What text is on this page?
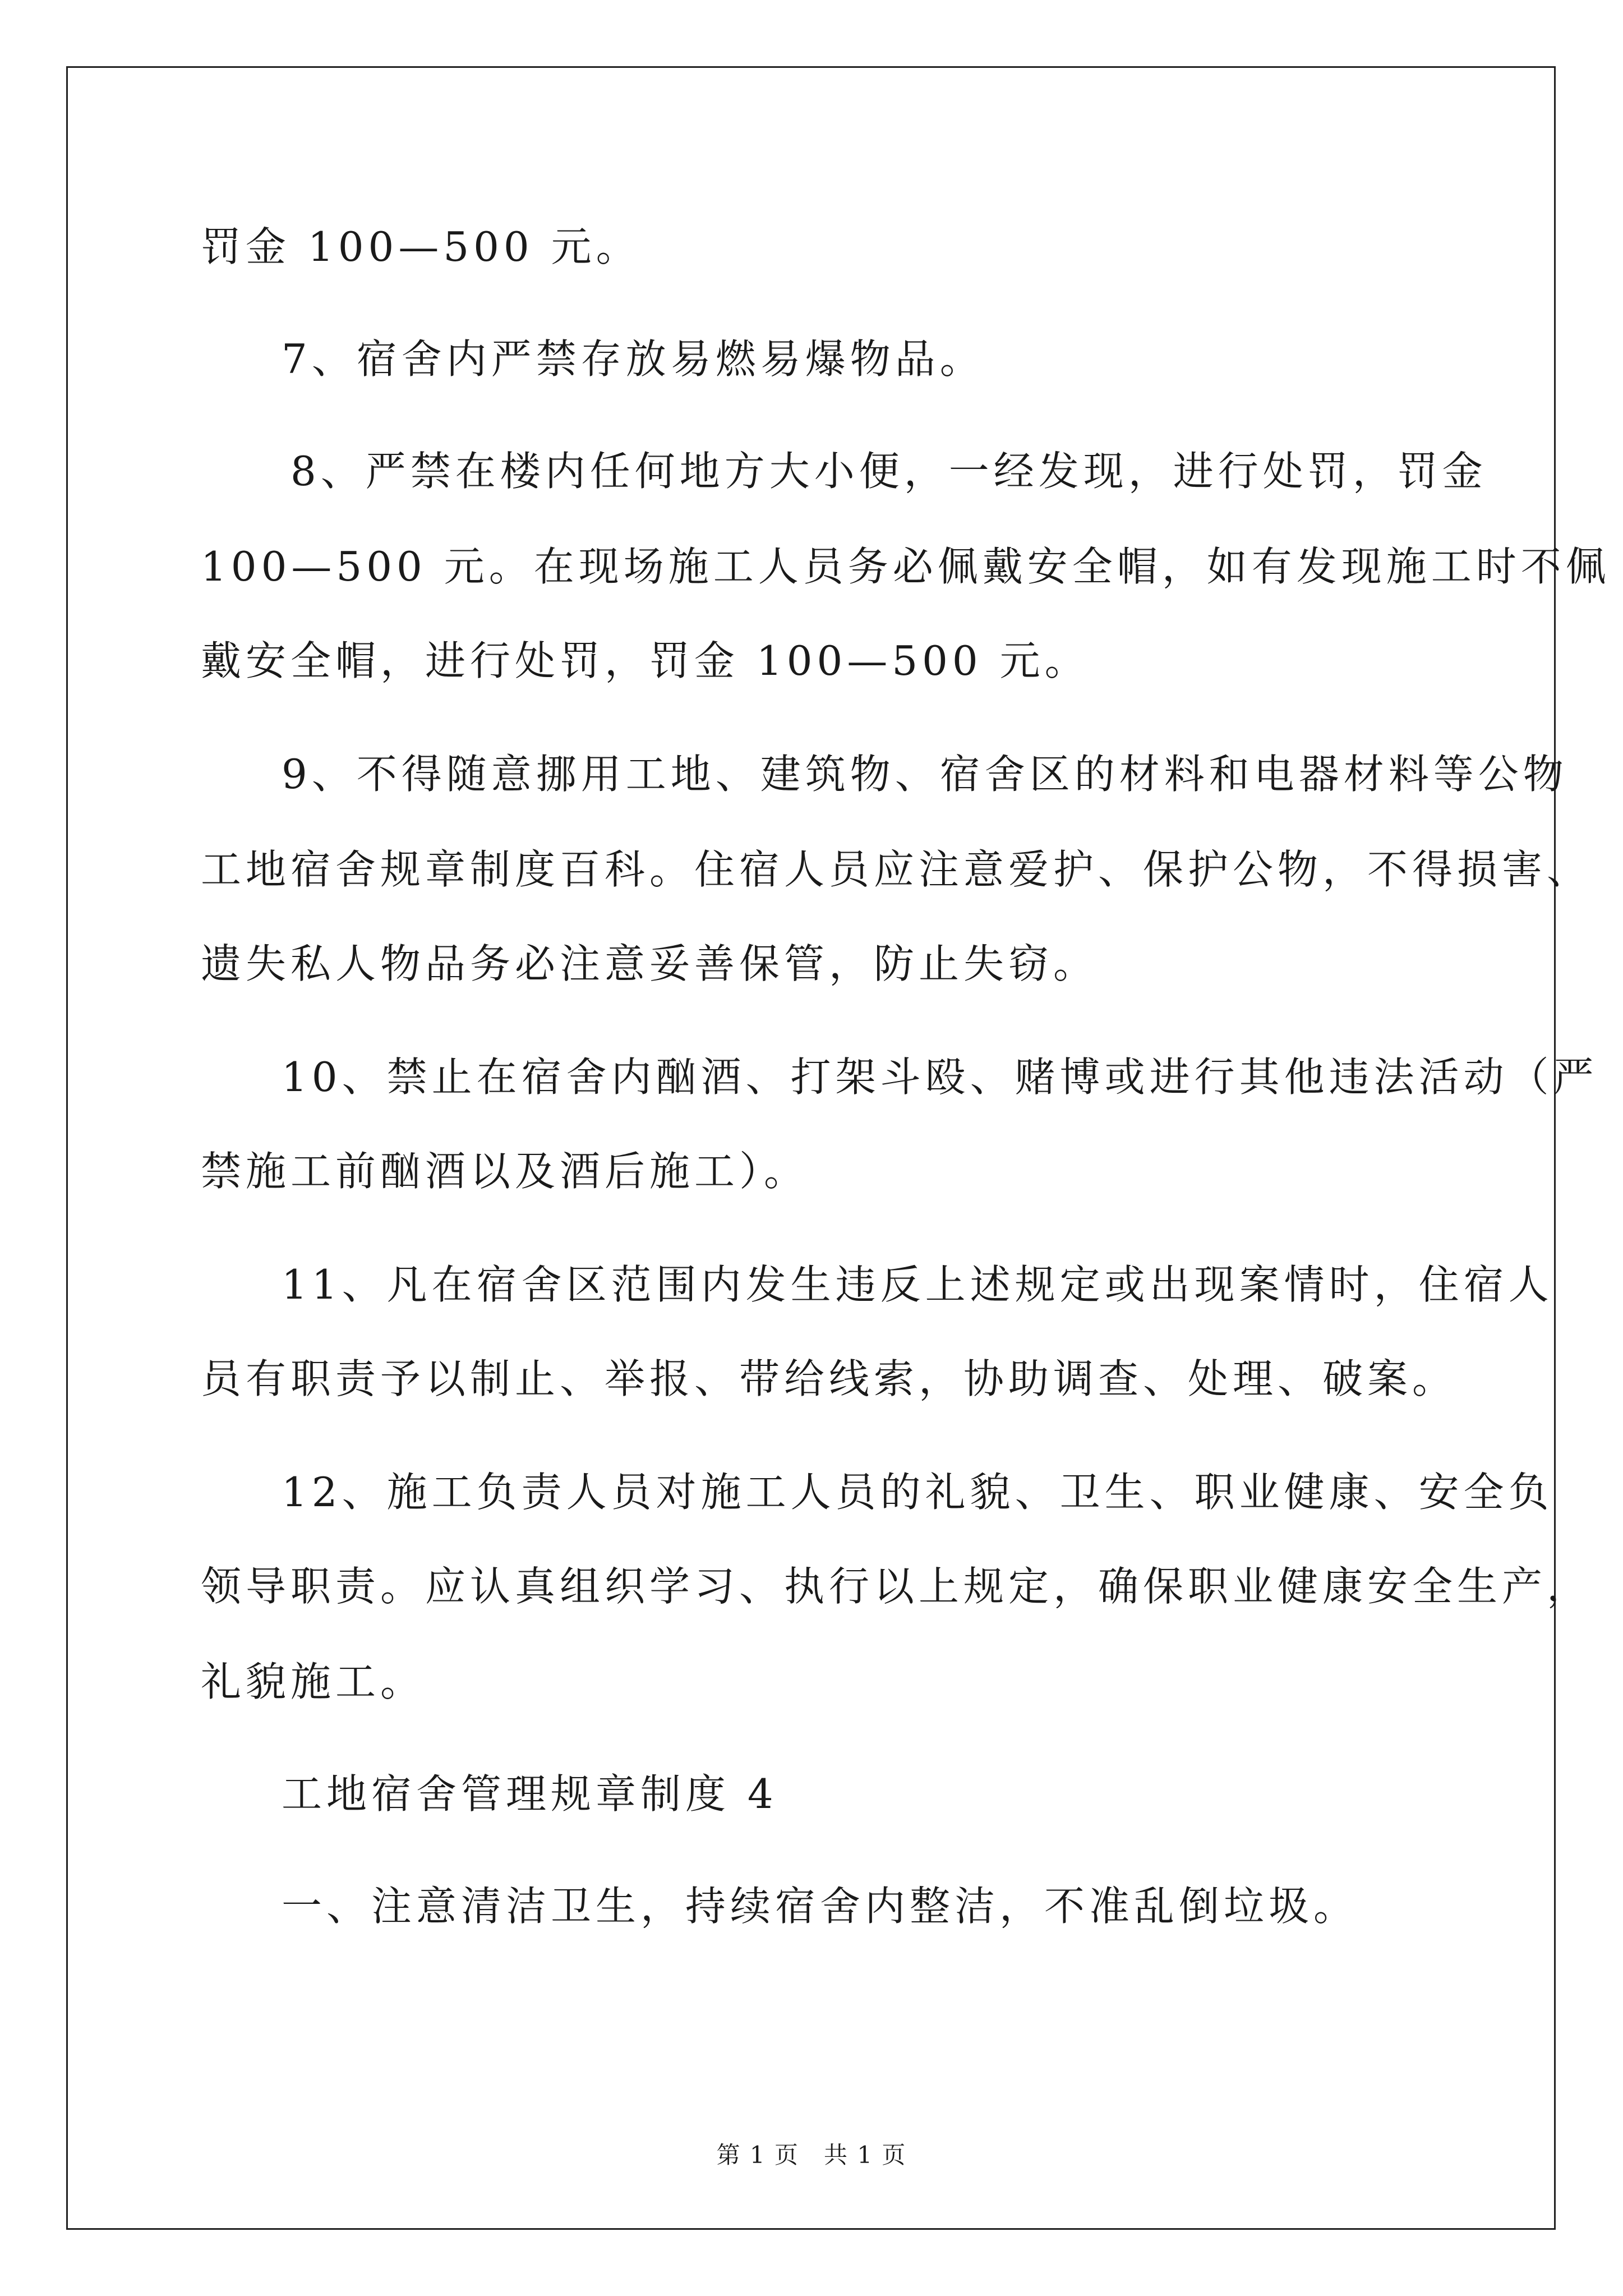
罚金 100—500 元。
7、宿舍内严禁存放易燃易爆物品。
8、严禁在楼内任何地方大小便，一经发现，进行处罚，罚金
100—500 元。在现场施工人员务必佩戴安全帽，如有发现施工时不佩
戴安全帽，进行处罚，罚金 100—500 元。
9、不得随意挪用工地、建筑物、宿舍区的材料和电器材料等公物
工地宿舍规章制度百科。住宿人员应注意爱护、保护公物，不得损害、
遗失私人物品务必注意妥善保管，防止失窃。
10、禁止在宿舍内酗酒、打架斗殴、赌博或进行其他违法活动（严
禁施工前酗酒以及酒后施工）。
11、凡在宿舍区范围内发生违反上述规定或出现案情时，住宿人
员有职责予以制止、举报、带给线索，协助调查、处理、破案。
12、施工负责人员对施工人员的礼貌、卫生、职业健康、安全负
领导职责。应认真组织学习、执行以上规定，确保职业健康安全生产，
礼貌施工。
工地宿舍管理规章制度 4
一、注意清洁卫生，持续宿舍内整洁，不准乱倒垃圾。
第 1 页　共 1 页
